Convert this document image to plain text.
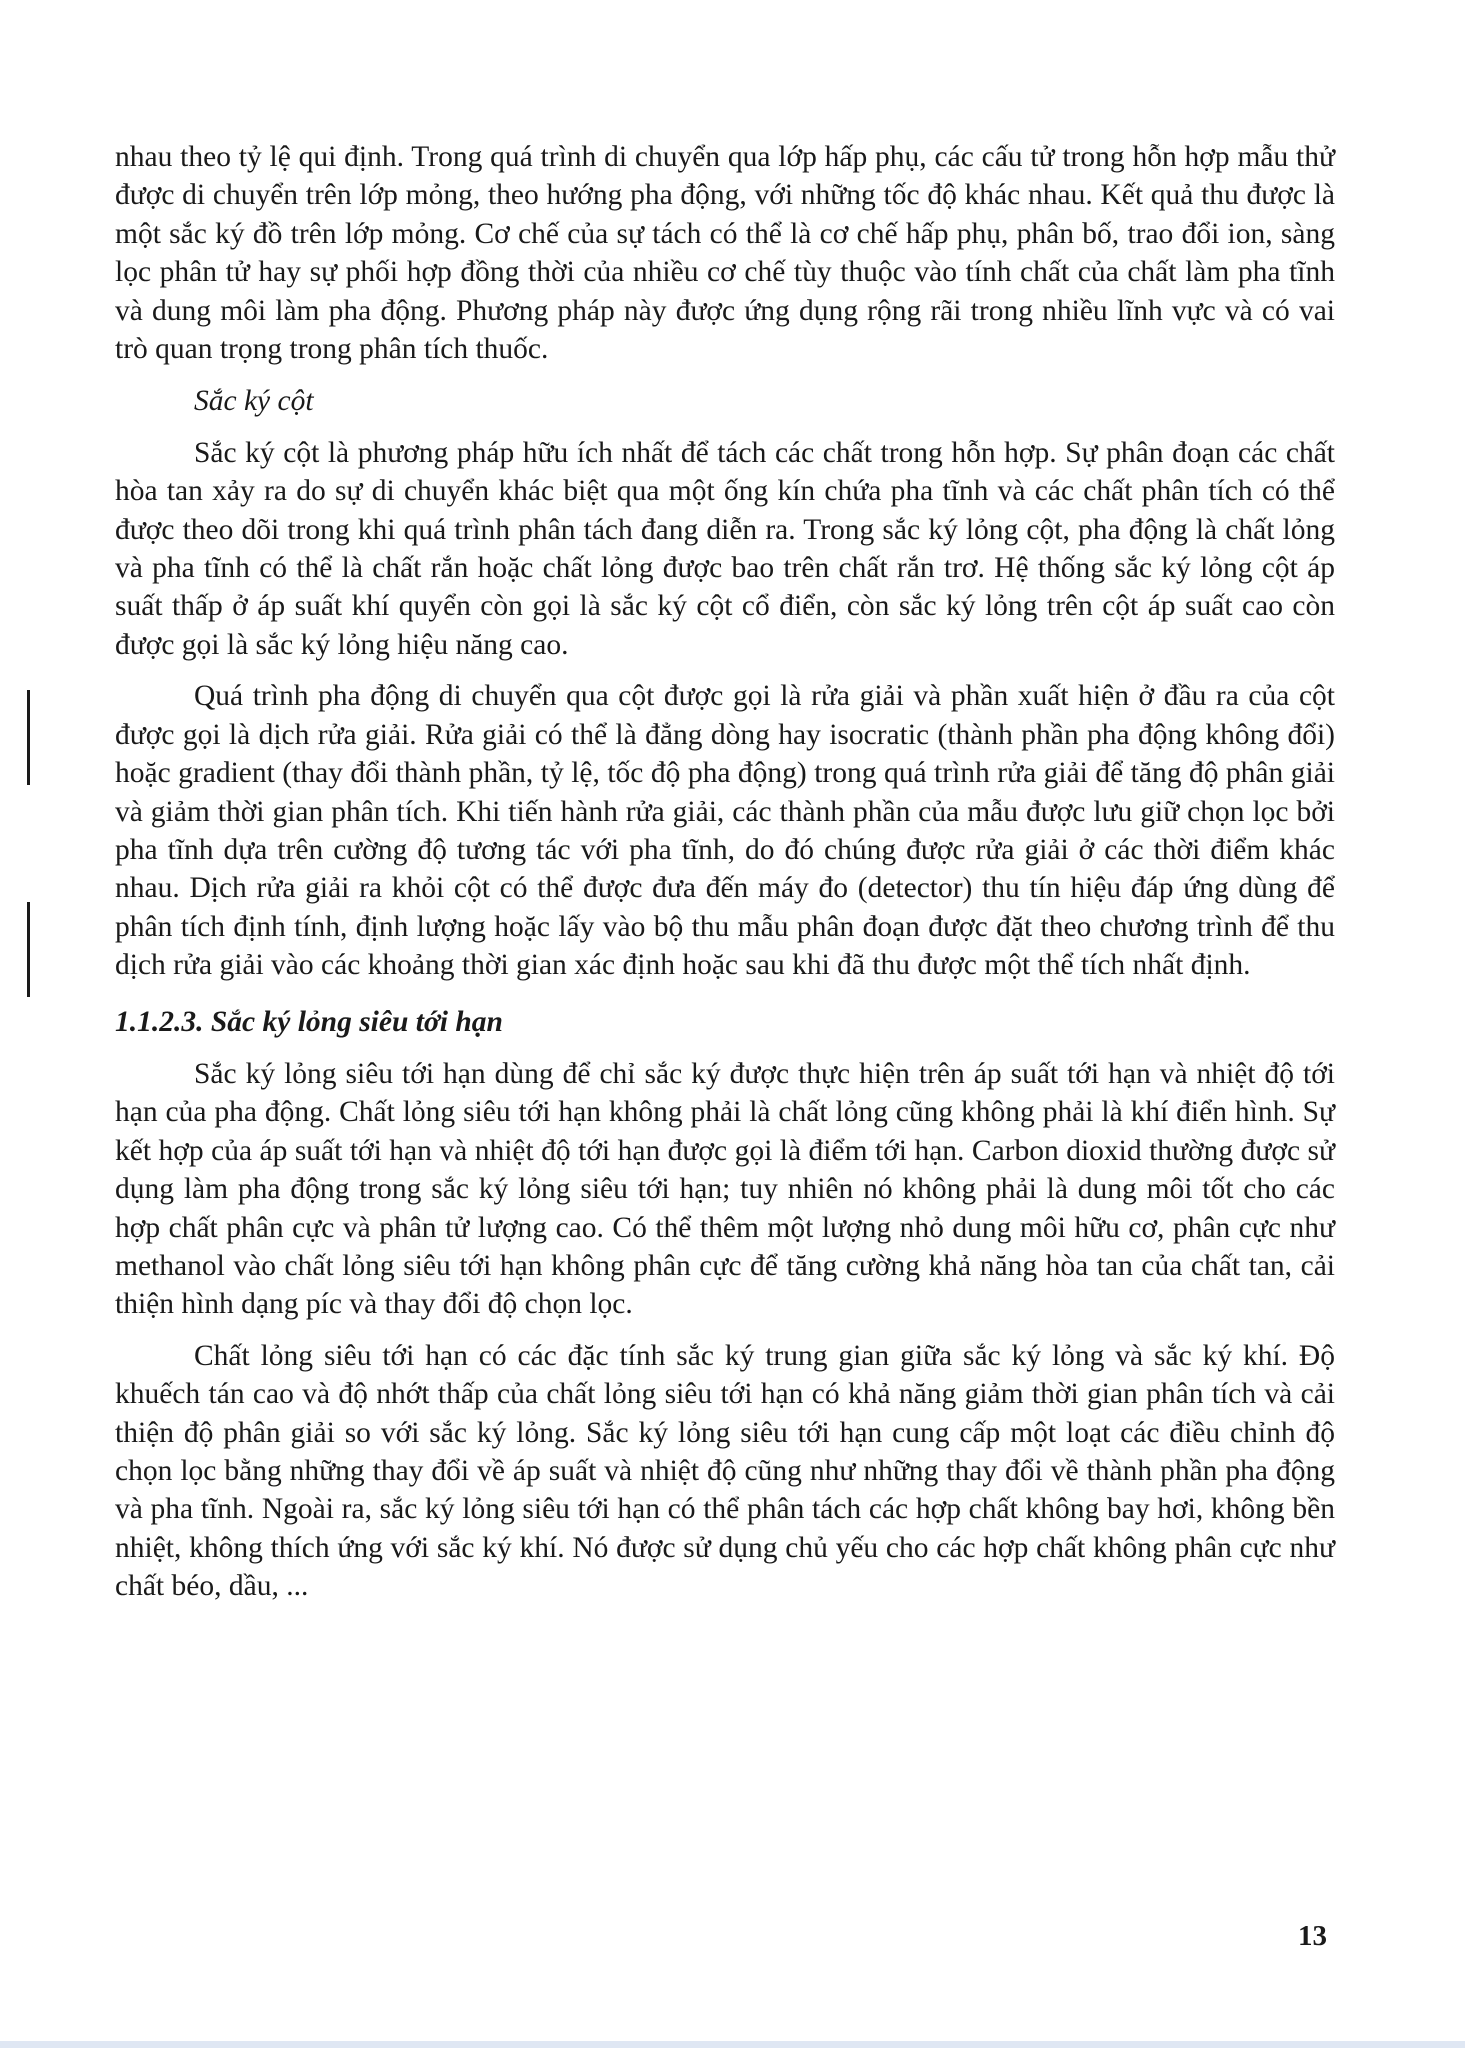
nhau theo tỷ lệ qui định. Trong quá trình di chuyển qua lớp hấp phụ, các cấu tử trong hỗn hợp mẫu thử được di chuyển trên lớp mỏng, theo hướng pha động, với những tốc độ khác nhau. Kết quả thu được là một sắc ký đồ trên lớp mỏng. Cơ chế của sự tách có thể là cơ chế hấp phụ, phân bố, trao đổi ion, sàng lọc phân tử hay sự phối hợp đồng thời của nhiều cơ chế tùy thuộc vào tính chất của chất làm pha tĩnh và dung môi làm pha động. Phương pháp này được ứng dụng rộng rãi trong nhiều lĩnh vực và có vai trò quan trọng trong phân tích thuốc.

Sắc ký cột

Sắc ký cột là phương pháp hữu ích nhất để tách các chất trong hỗn hợp. Sự phân đoạn các chất hòa tan xảy ra do sự di chuyển khác biệt qua một ống kín chứa pha tĩnh và các chất phân tích có thể được theo dõi trong khi quá trình phân tách đang diễn ra. Trong sắc ký lỏng cột, pha động là chất lỏng và pha tĩnh có thể là chất rắn hoặc chất lỏng được bao trên chất rắn trơ. Hệ thống sắc ký lỏng cột áp suất thấp ở áp suất khí quyển còn gọi là sắc ký cột cổ điển, còn sắc ký lỏng trên cột áp suất cao còn được gọi là sắc ký lỏng hiệu năng cao.

Quá trình pha động di chuyển qua cột được gọi là rửa giải và phần xuất hiện ở đầu ra của cột được gọi là dịch rửa giải. Rửa giải có thể là đẳng dòng hay isocratic (thành phần pha động không đổi) hoặc gradient (thay đổi thành phần, tỷ lệ, tốc độ pha động) trong quá trình rửa giải để tăng độ phân giải và giảm thời gian phân tích. Khi tiến hành rửa giải, các thành phần của mẫu được lưu giữ chọn lọc bởi pha tĩnh dựa trên cường độ tương tác với pha tĩnh, do đó chúng được rửa giải ở các thời điểm khác nhau. Dịch rửa giải ra khỏi cột có thể được đưa đến máy đo (detector) thu tín hiệu đáp ứng dùng để phân tích định tính, định lượng hoặc lấy vào bộ thu mẫu phân đoạn được đặt theo chương trình để thu dịch rửa giải vào các khoảng thời gian xác định hoặc sau khi đã thu được một thể tích nhất định.

1.1.2.3. Sắc ký lỏng siêu tới hạn

Sắc ký lỏng siêu tới hạn dùng để chỉ sắc ký được thực hiện trên áp suất tới hạn và nhiệt độ tới hạn của pha động. Chất lỏng siêu tới hạn không phải là chất lỏng cũng không phải là khí điển hình. Sự kết hợp của áp suất tới hạn và nhiệt độ tới hạn được gọi là điểm tới hạn. Carbon dioxid thường được sử dụng làm pha động trong sắc ký lỏng siêu tới hạn; tuy nhiên nó không phải là dung môi tốt cho các hợp chất phân cực và phân tử lượng cao. Có thể thêm một lượng nhỏ dung môi hữu cơ, phân cực như methanol vào chất lỏng siêu tới hạn không phân cực để tăng cường khả năng hòa tan của chất tan, cải thiện hình dạng píc và thay đổi độ chọn lọc.

Chất lỏng siêu tới hạn có các đặc tính sắc ký trung gian giữa sắc ký lỏng và sắc ký khí. Độ khuếch tán cao và độ nhớt thấp của chất lỏng siêu tới hạn có khả năng giảm thời gian phân tích và cải thiện độ phân giải so với sắc ký lỏng. Sắc ký lỏng siêu tới hạn cung cấp một loạt các điều chỉnh độ chọn lọc bằng những thay đổi về áp suất và nhiệt độ cũng như những thay đổi về thành phần pha động và pha tĩnh. Ngoài ra, sắc ký lỏng siêu tới hạn có thể phân tách các hợp chất không bay hơi, không bền nhiệt, không thích ứng với sắc ký khí. Nó được sử dụng chủ yếu cho các hợp chất không phân cực như chất béo, dầu, ...

13
